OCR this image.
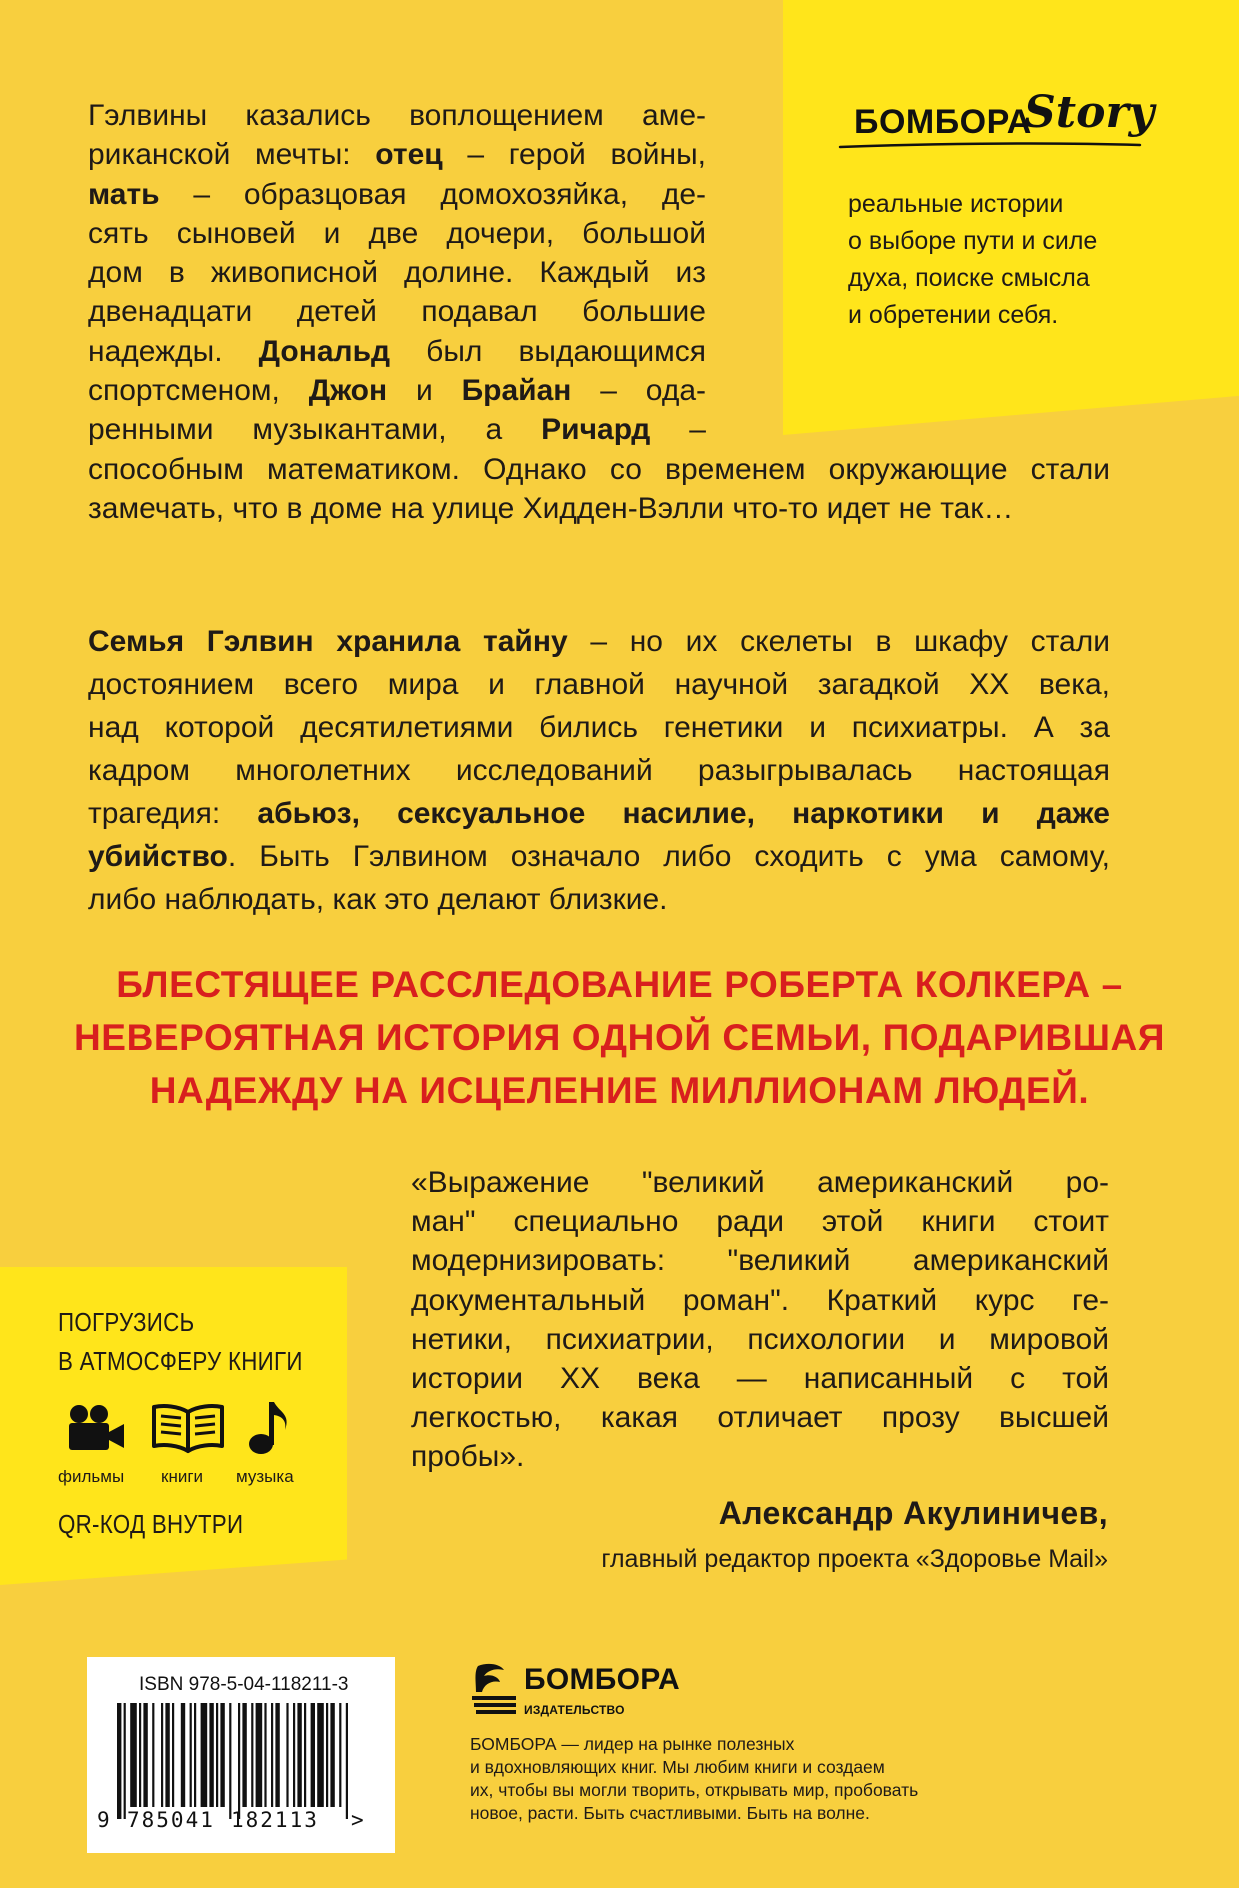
БОМБОРА
Story
реальные истории
о выборе пути и силе
духа, поиске смысла
и обретении себя.
Гэлвины казались воплощением аме-
риканской мечты: отец – герой войны,
мать – образцовая домохозяйка, де-
сять сыновей и две дочери, большой
дом в живописной долине. Каждый из
двенадцати детей подавал большие
надежды. Дональд был выдающимся
спортсменом, Джон и Брайан – ода-
ренными музыкантами, а Ричард –
способным математиком. Однако со временем окружающие стали
замечать, что в доме на улице Хидден-Вэлли что-то идет не так…
Семья Гэлвин хранила тайну – но их скелеты в шкафу стали
достоянием всего мира и главной научной загадкой XX века,
над которой десятилетиями бились генетики и психиатры. А за
кадром многолетних исследований разыгрывалась настоящая
трагедия: абьюз, сексуальное насилие, наркотики и даже
убийство. Быть Гэлвином означало либо сходить с ума самому,
либо наблюдать, как это делают близкие.
БЛЕСТЯЩЕЕ РАССЛЕДОВАНИЕ РОБЕРТА КОЛКЕРА –
НЕВЕРОЯТНАЯ ИСТОРИЯ ОДНОЙ СЕМЬИ, ПОДАРИВШАЯ
НАДЕЖДУ НА ИСЦЕЛЕНИЕ МИЛЛИОНАМ ЛЮДЕЙ.
«Выражение "великий американский ро-
ман" специально ради этой книги стоит
модернизировать: "великий американский
документальный роман". Краткий курс ге-
нетики, психиатрии, психологии и мировой
истории XX века — написанный с той
легкостью, какая отличает прозу высшей
пробы».
Александр Акулиничев,
главный редактор проекта «Здоровье Mail»
ПОГРУЗИСЬ
В АТМОСФЕРУ КНИГИ
фильмы книги музыка
QR-КОД ВНУТРИ
ISBN 978-5-04-118211-3
9 785041 182113 >
БОМБОРА
ИЗДАТЕЛЬСТВО
БОМБОРА — лидер на рынке полезных
и вдохновляющих книг. Мы любим книги и создаем
их, чтобы вы могли творить, открывать мир, пробовать
новое, расти. Быть счастливыми. Быть на волне.
